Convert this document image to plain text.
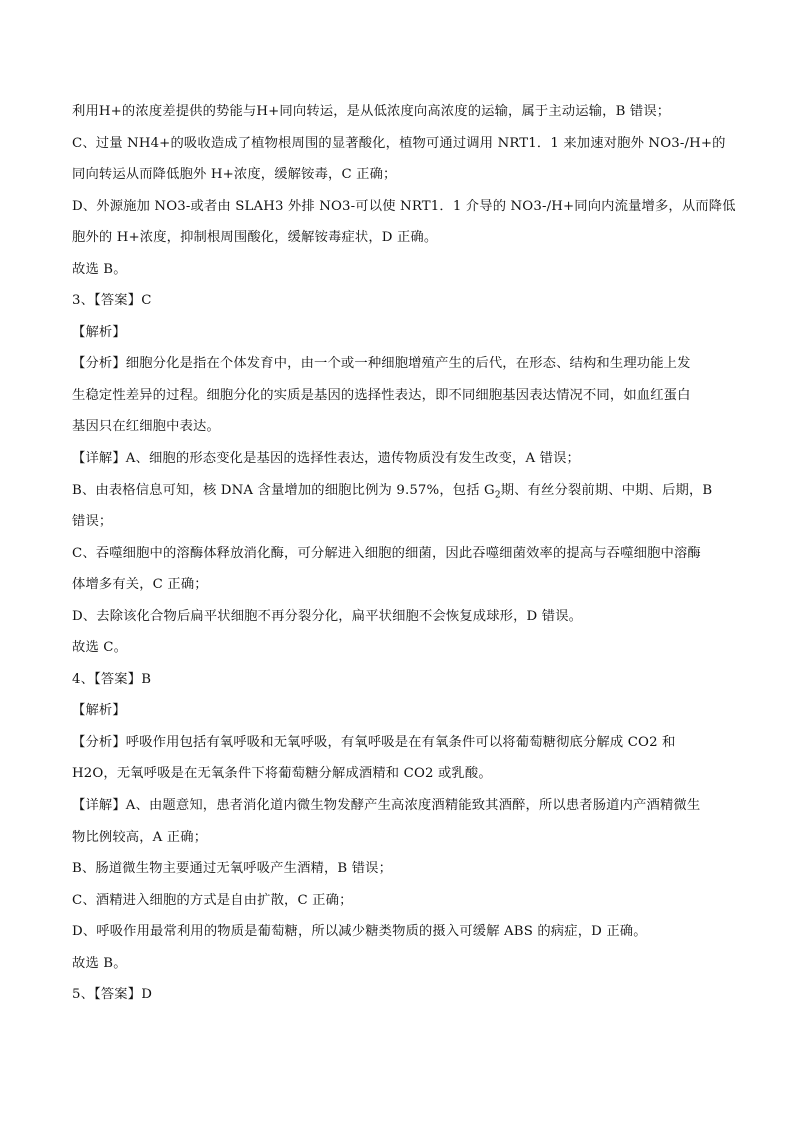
利用H+的浓度差提供的势能与H+同向转运，是从低浓度向高浓度的运输，属于主动运输，B 错误；
C、过量 NH4+的吸收造成了植物根周围的显著酸化，植物可通过调用 NRT1．1 来加速对胞外 NO3-/H+的
同向转运从而降低胞外 H+浓度，缓解铵毒，C 正确；
D、外源施加 NO3-或者由 SLAH3 外排 NO3-可以使 NRT1．1 介导的 NO3-/H+同向内流量增多，从而降低
胞外的 H+浓度，抑制根周围酸化，缓解铵毒症状，D 正确。
故选 B。
3、【答案】C
【解析】
【分析】细胞分化是指在个体发育中，由一个或一种细胞增殖产生的后代，在形态、结构和生理功能上发
生稳定性差异的过程。细胞分化的实质是基因的选择性表达，即不同细胞基因表达情况不同，如血红蛋白
基因只在红细胞中表达。
【详解】A、细胞的形态变化是基因的选择性表达，遗传物质没有发生改变，A 错误；
B、由表格信息可知，核 DNA 含量增加的细胞比例为 9.57%，包括 $G_2$期、有丝分裂前期、中期、后期，B
错误；
C、吞噬细胞中的溶酶体释放消化酶，可分解进入细胞的细菌，因此吞噬细菌效率的提高与吞噬细胞中溶酶
体增多有关，C 正确；
D、去除该化合物后扁平状细胞不再分裂分化，扁平状细胞不会恢复成球形，D 错误。
故选 C。
4、【答案】B
【解析】
【分析】呼吸作用包括有氧呼吸和无氧呼吸，有氧呼吸是在有氧条件可以将葡萄糖彻底分解成 CO2 和
H2O，无氧呼吸是在无氧条件下将葡萄糖分解成酒精和 CO2 或乳酸。
【详解】A、由题意知，患者消化道内微生物发酵产生高浓度酒精能致其酒醉，所以患者肠道内产酒精微生
物比例较高，A 正确；
B、肠道微生物主要通过无氧呼吸产生酒精，B 错误；
C、酒精进入细胞的方式是自由扩散，C 正确；
D、呼吸作用最常利用的物质是葡萄糖，所以减少糖类物质的摄入可缓解 ABS 的病症，D 正确。
故选 B。
5、【答案】D
